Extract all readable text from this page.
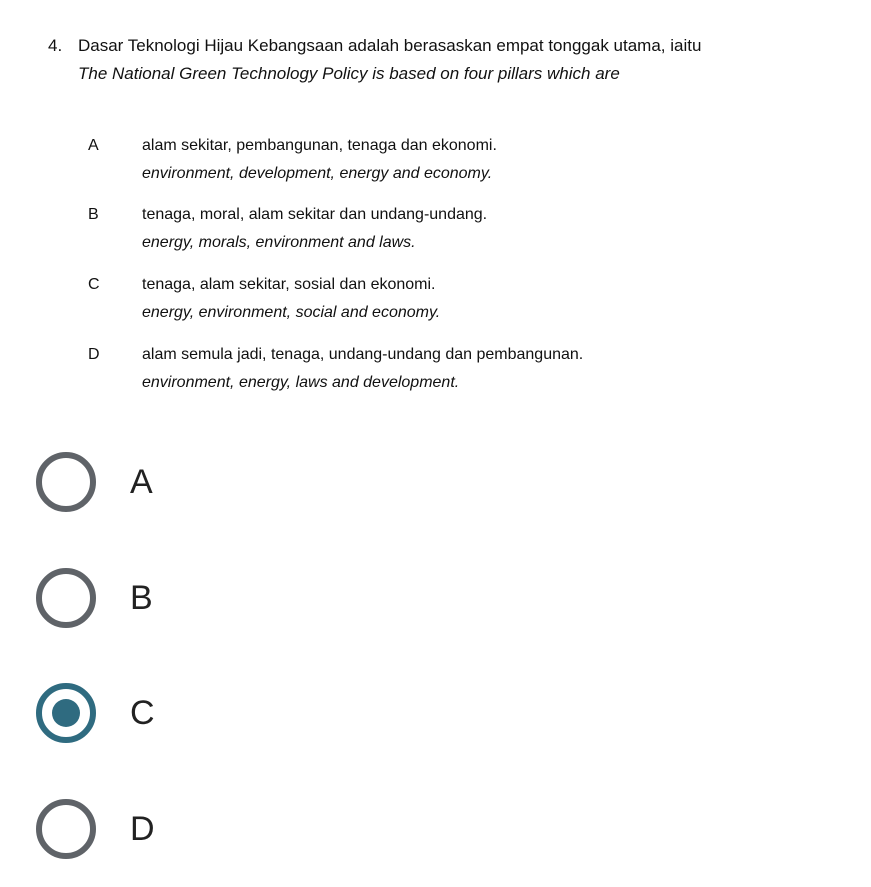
4. Dasar Teknologi Hijau Kebangsaan adalah berasaskan empat tonggak utama, iaitu
The National Green Technology Policy is based on four pillars which are
A	alam sekitar, pembangunan, tenaga dan ekonomi.
environment, development, energy and economy.
B	tenaga, moral, alam sekitar dan undang-undang.
energy, morals, environment and laws.
C	tenaga, alam sekitar, sosial dan ekonomi.
energy, environment, social and economy.
D	alam semula jadi, tenaga, undang-undang dan pembangunan.
environment, energy, laws and development.
A
B
C
D
